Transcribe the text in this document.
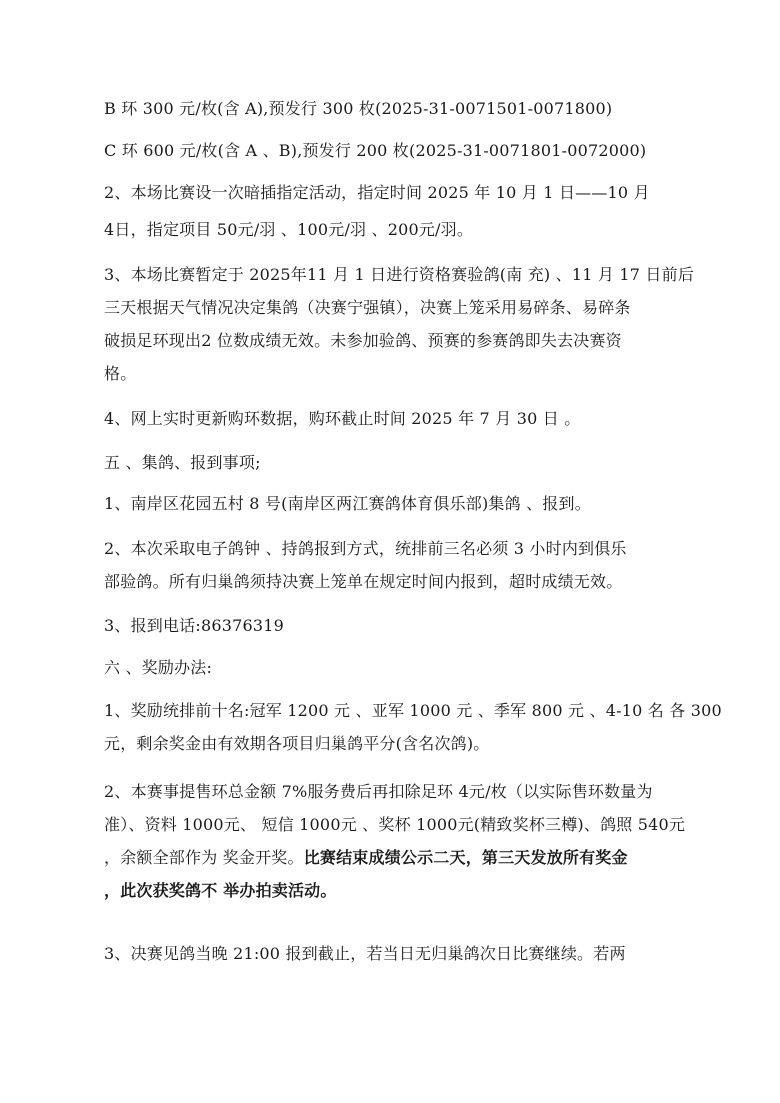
B 环 300 元/枚(含 A),预发行 300 枚(2025-31-0071501-0071800)
C 环 600 元/枚(含 A 、B),预发行 200 枚(2025-31-0071801-0072000)
2、本场比赛设一次暗插指定活动，指定时间 2025 年 10 月 1 日——10 月
4日，指定项目 50元/羽 、100元/羽 、200元/羽。
3、本场比赛暂定于 2025年11 月 1 日进行资格赛验鸽(南 充) 、11 月 17 日前后
三天根据天气情况决定集鸽（决赛宁强镇），决赛上笼采用易碎条、易碎条
破损足环现出2 位数成绩无效。未参加验鸽、预赛的参赛鸽即失去决赛资
格。
4、网上实时更新购环数据，购环截止时间 2025 年 7 月 30 日 。
五 、集鸽、报到事项;
1、南岸区花园五村 8 号(南岸区两江赛鸽体育俱乐部)集鸽 、报到。
2、本次采取电子鸽钟 、持鸽报到方式，统排前三名必须 3 小时内到俱乐
部验鸽。所有归巢鸽须持决赛上笼单在规定时间内报到，超时成绩无效。
3、报到电话:86376319
六 、奖励办法:
1、奖励统排前十名:冠军 1200 元 、亚军 1000 元 、季军 800 元 、4-10 名 各 300
元，剩余奖金由有效期各项目归巢鸽平分(含名次鸽)。
2、本赛事提售环总金额 7%服务费后再扣除足环 4元/枚（以实际售环数量为
准）、资料 1000元、 短信 1000元 、奖杯 1000元(精致奖杯三樽)、鸽照 540元
，余额全部作为 奖金开奖。比赛结束成绩公示二天，第三天发放所有奖金
，此次获奖鸽不 举办拍卖活动。
3、决赛见鸽当晚 21:00 报到截止，若当日无归巢鸽次日比赛继续。若两
